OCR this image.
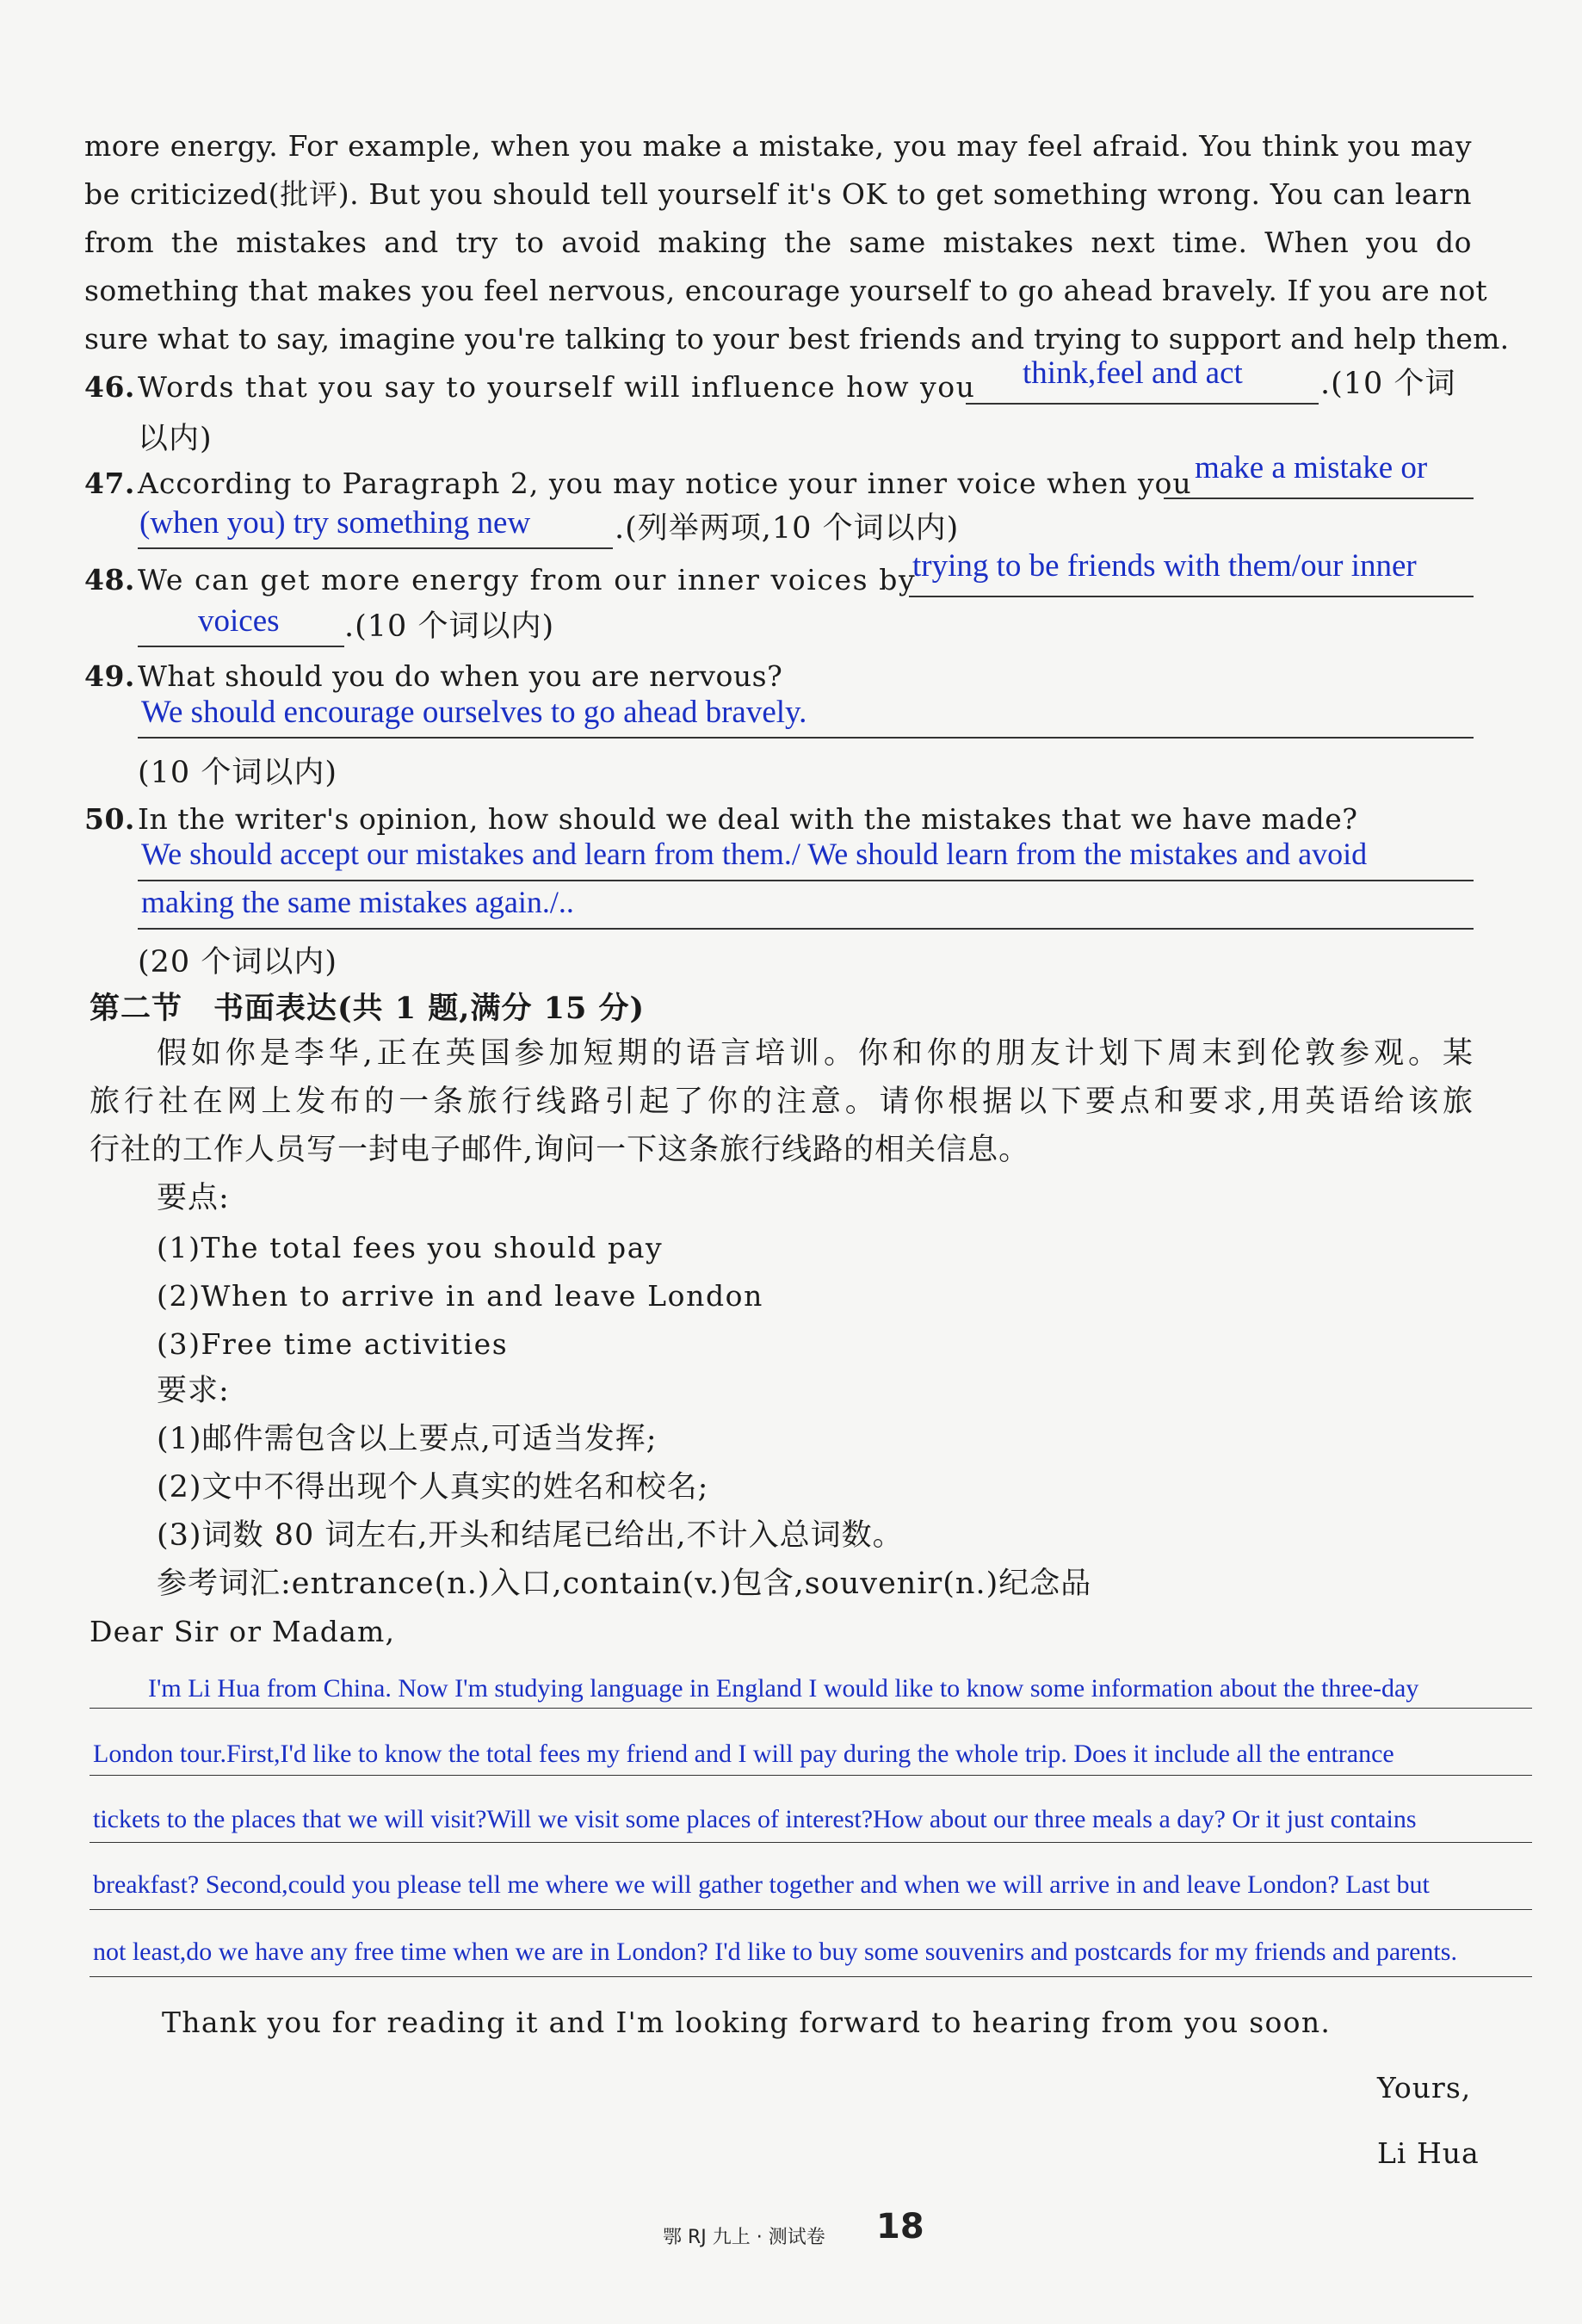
more energy. For example, when you make a mistake, you may feel afraid. You think you may
be criticized(批评). But you should tell yourself it's OK to get something wrong. You can learn
from the mistakes and try to avoid making the same mistakes next time. When you do
something that makes you feel nervous, encourage yourself to go ahead bravely. If you are not
sure what to say, imagine you're talking to your best friends and trying to support and help them.
46. Words that you say to yourself will influence how you think,feel and act	.(10 个词
以内)
47. According to Paragraph 2, you may notice your inner voice when you make a mistake or
(when you) try something new	.(列举两项,10 个词以内)
48. We can get more energy from our inner voices by
trying to be friends with them/our inner
voices .(10 个词以内)
49. What should you do when you are nervous?
We should encourage ourselves to go ahead bravely.
(10 个词以内)
50. In the writer's opinion, how should we deal with the mistakes that we have made?
We should accept our mistakes and learn from them./ We should learn from the mistakes and avoid
making the same mistakes again./..
(20 个词以内)
第二节　书面表达(共 1 题,满分 15 分)
假如你是李华,正在英国参加短期的语言培训。你和你的朋友计划下周末到伦敦参观。某
旅行社在网上发布的一条旅行线路引起了你的注意。请你根据以下要点和要求,用英语给该旅
行社的工作人员写一封电子邮件,询问一下这条旅行线路的相关信息。
要点:
(1)The total fees you should pay
(2)When to arrive in and leave London
(3)Free time activities
要求:
(1)邮件需包含以上要点,可适当发挥;
(2)文中不得出现个人真实的姓名和校名;
(3)词数 80 词左右,开头和结尾已给出,不计入总词数。
参考词汇:entrance(n.)入口,contain(v.)包含,souvenir(n.)纪念品
Dear Sir or Madam,
I'm Li Hua from China. Now I'm studying language in England I would like to know some information about the three-day
London tour.First,I'd like to know the total fees my friend and I will pay during the whole trip. Does it include all the entrance
tickets to the places that we will visit?Will we visit some places of interest?How about our three meals a day? Or it just contains
breakfast? Second,could you please tell me where we will gather together and when we will arrive in and leave London? Last but
not least,do we have any free time when we are in London? I'd like to buy some souvenirs and postcards for my friends and parents.
Thank you for reading it and I'm looking forward to hearing from you soon.
Yours,
Li Hua
鄂 RJ 九上 · 测试卷 18
